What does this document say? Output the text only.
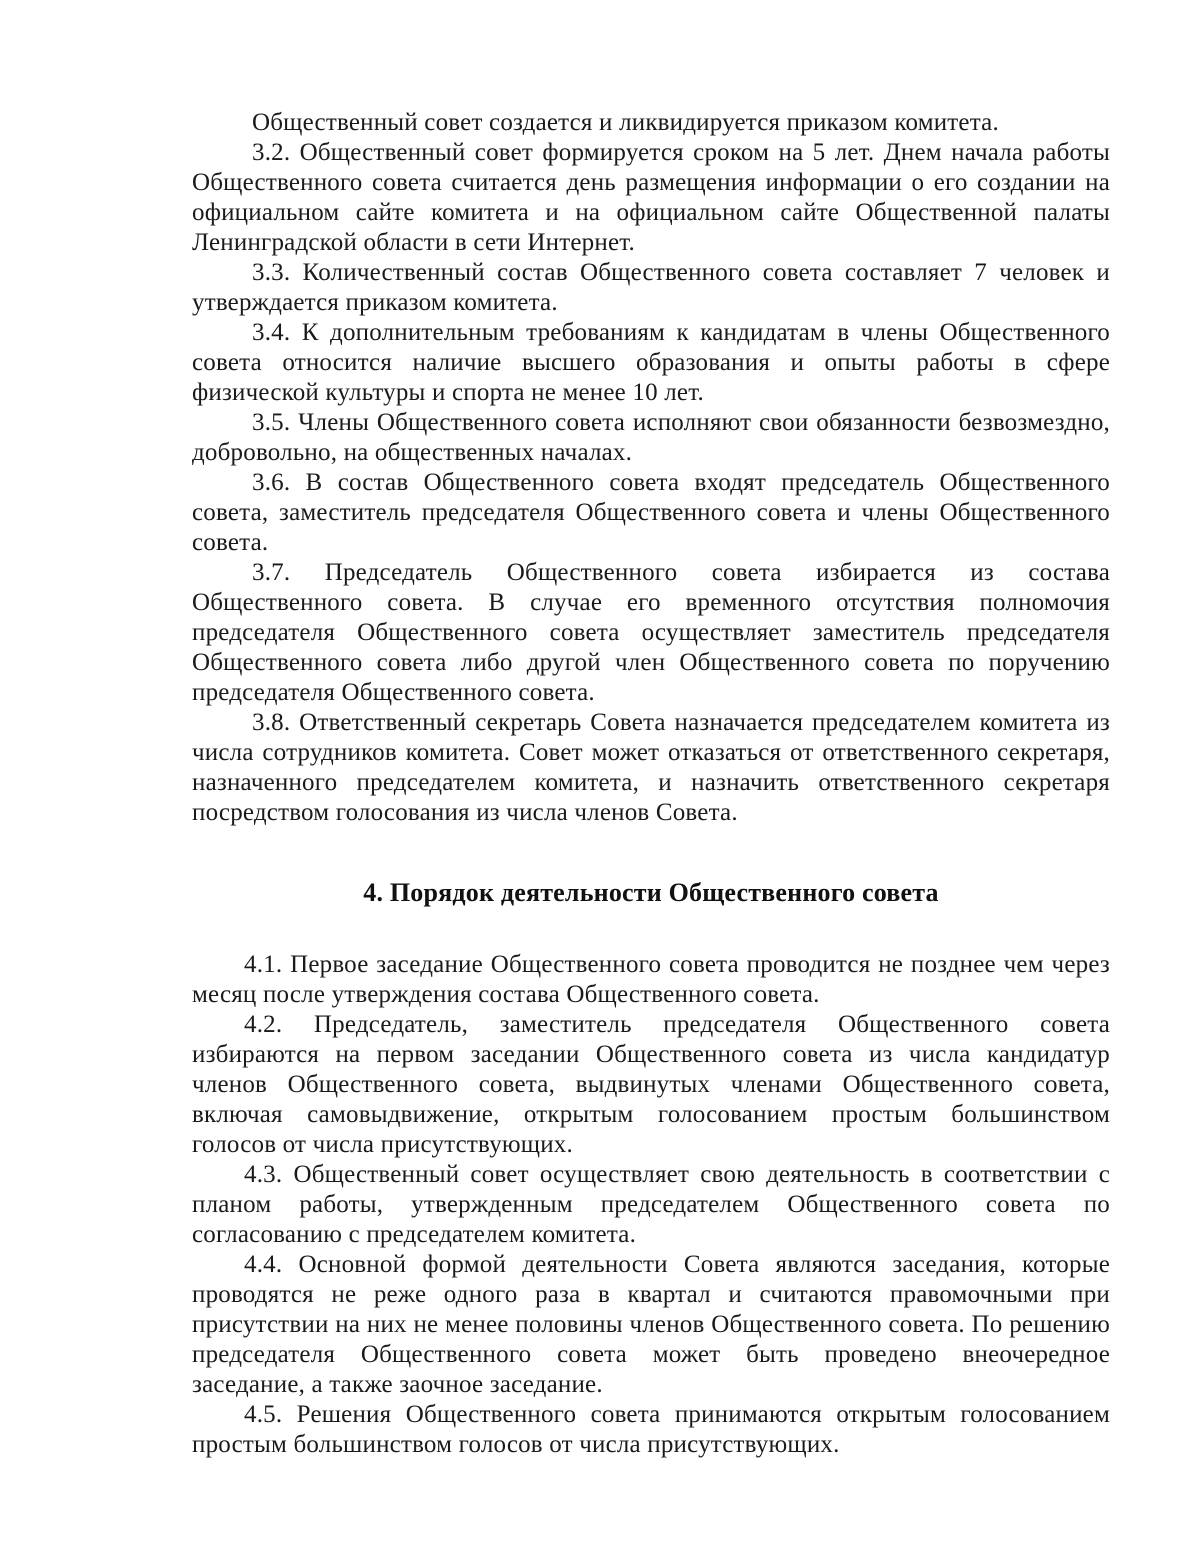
Общественный совет создается и ликвидируется приказом комитета.

3.2. Общественный совет формируется сроком на 5 лет. Днем начала работы Общественного совета считается день размещения информации о его создании на официальном сайте комитета и на официальном сайте Общественной палаты Ленинградской области в сети Интернет.

3.3. Количественный состав Общественного совета составляет 7 человек и утверждается приказом комитета.

3.4. К дополнительным требованиям к кандидатам в члены Общественного совета относится наличие высшего образования и опыты работы в сфере физической культуры и спорта не менее 10 лет.

3.5. Члены Общественного совета исполняют свои обязанности безвозмездно, добровольно, на общественных началах.

3.6. В состав Общественного совета входят председатель Общественного совета, заместитель председателя Общественного совета и члены Общественного совета.

3.7. Председатель Общественного совета избирается из состава Общественного совета. В случае его временного отсутствия полномочия председателя Общественного совета осуществляет заместитель председателя Общественного совета либо другой член Общественного совета по поручению председателя Общественного совета.

3.8. Ответственный секретарь Совета назначается председателем комитета из числа сотрудников комитета. Совет может отказаться от ответственного секретаря, назначенного председателем комитета, и назначить ответственного секретаря посредством голосования из числа членов Совета.

4. Порядок деятельности Общественного совета

4.1. Первое заседание Общественного совета проводится не позднее чем через месяц после утверждения состава Общественного совета.

4.2. Председатель, заместитель председателя Общественного совета избираются на первом заседании Общественного совета из числа кандидатур членов Общественного совета, выдвинутых членами Общественного совета, включая самовыдвижение, открытым голосованием простым большинством голосов от числа присутствующих.

4.3. Общественный совет осуществляет свою деятельность в соответствии с планом работы, утвержденным председателем Общественного совета по согласованию с председателем комитета.

4.4. Основной формой деятельности Совета являются заседания, которые проводятся не реже одного раза в квартал и считаются правомочными при присутствии на них не менее половины членов Общественного совета. По решению председателя Общественного совета может быть проведено внеочередное заседание, а также заочное заседание.

4.5. Решения Общественного совета принимаются открытым голосованием простым большинством голосов от числа присутствующих.
